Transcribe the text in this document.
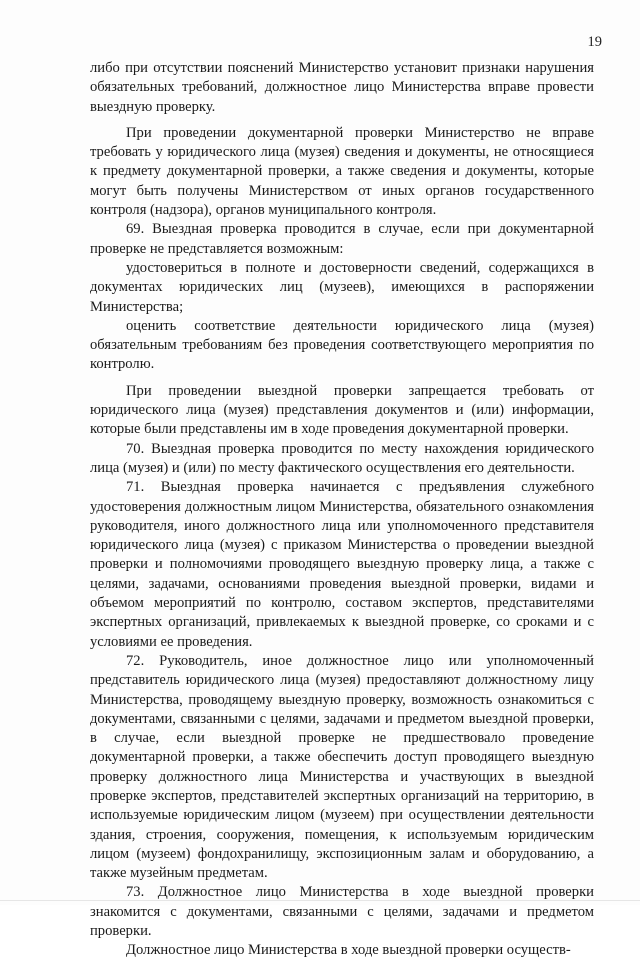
19

либо при отсутствии пояснений Министерство установит признаки нарушения обязательных требований, должностное лицо Министерства вправе провести выездную проверку.

При проведении документарной проверки Министерство не вправе требовать у юридического лица (музея) сведения и документы, не относящиеся к предмету документарной проверки, а также сведения и документы, которые могут быть получены Министерством от иных органов государственного контроля (надзора), органов муниципального контроля.

69. Выездная проверка проводится в случае, если при документарной проверке не представляется возможным:

удостовериться в полноте и достоверности сведений, содержащихся в документах юридических лиц (музеев), имеющихся в распоряжении Министерства;

оценить соответствие деятельности юридического лица (музея) обязательным требованиям без проведения соответствующего мероприятия по контролю.

При проведении выездной проверки запрещается требовать от юридического лица (музея) представления документов и (или) информации, которые были представлены им в ходе проведения документарной проверки.

70. Выездная проверка проводится по месту нахождения юридического лица (музея) и (или) по месту фактического осуществления его деятельности.

71. Выездная проверка начинается с предъявления служебного удостоверения должностным лицом Министерства, обязательного ознакомления руководителя, иного должностного лица или уполномоченного представителя юридического лица (музея) с приказом Министерства о проведении выездной проверки и полномочиями проводящего выездную проверку лица, а также с целями, задачами, основаниями проведения выездной проверки, видами и объемом мероприятий по контролю, составом экспертов, представителями экспертных организаций, привлекаемых к выездной проверке, со сроками и с условиями ее проведения.

72. Руководитель, иное должностное лицо или уполномоченный представитель юридического лица (музея) предоставляют должностному лицу Министерства, проводящему выездную проверку, возможность ознакомиться с документами, связанными с целями, задачами и предметом выездной проверки, в случае, если выездной проверке не предшествовало проведение документарной проверки, а также обеспечить доступ проводящего выездную проверку должностного лица Министерства и участвующих в выездной проверке экспертов, представителей экспертных организаций на территорию, в используемые юридическим лицом (музеем) при осуществлении деятельности здания, строения, сооружения, помещения, к используемым юридическим лицом (музеем) фондохранилищу, экспозиционным залам и оборудованию, а также музейным предметам.

73. Должностное лицо Министерства в ходе выездной проверки знакомится с документами, связанными с целями, задачами и предметом проверки.

Должностное лицо Министерства в ходе выездной проверки осуществ-
